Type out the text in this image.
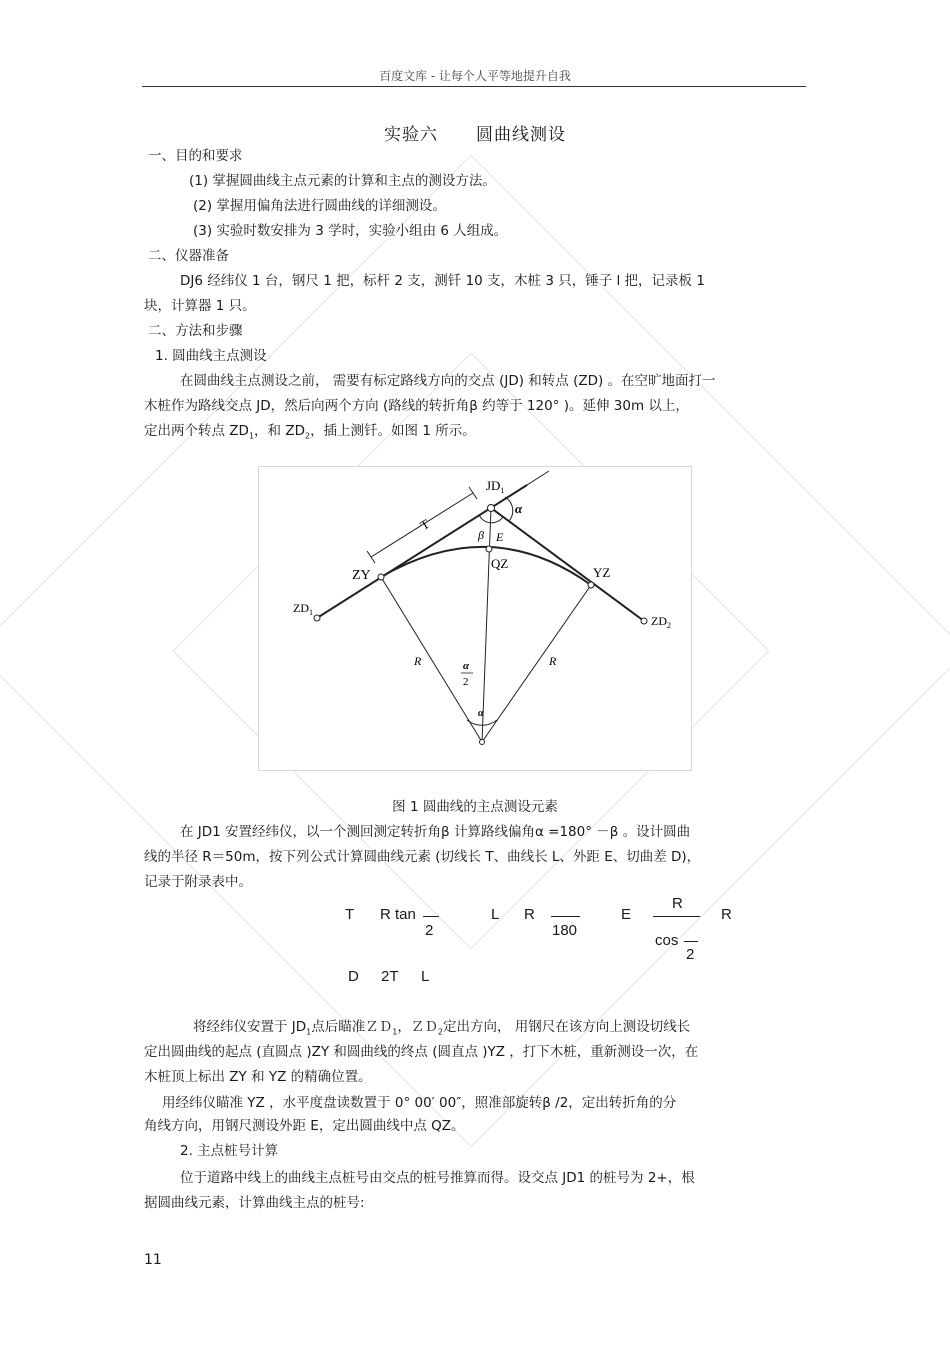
百度文库 - 让每个人平等地提升自我
实验六 圆曲线测设
一、目的和要求
(1) 掌握圆曲线主点元素的计算和主点的测设方法。
(2) 掌握用偏角法进行圆曲线的详细测设。
(3) 实验时数安排为 3 学时，实验小组由 6 人组成。
二、仪器准备
DJ6 经纬仪 1 台，钢尺 1 把，标杆 2 支，测钎 10 支，木桩 3 只，锤子 l 把，记录板 1
块，计算器 1 只。
二、方法和步骤
1. 圆曲线主点测设
在圆曲线主点测设之前， 需要有标定路线方向的交点 (JD) 和转点 (ZD) 。在空旷地面打一
木桩作为路线交点 JD，然后向两个方向 (路线的转折角β 约等于 120° )。延伸 30m 以上，
定出两个转点 $ZD_1$，和 $ZD_2$，插上测钎。如图 1 所示。
$JD_1$
α
β E
T
ZY
QZ
YZ
$ZD_1$
$ZD_2$
R	R
α
2
α
图 1 圆曲线的主点测设元素
在 JD1 安置经纬仪，以一个测回测定转折角β 计算路线偏角α =180° －β 。设计圆曲
线的半径 R＝50m，按下列公式计算圆曲线元素 (切线长 T、曲线长 L、外距 E、切曲差 D)，
记录于附录表中。
T R tan
2
L R
180
E
R
cos
2
R
D 2T L
将经纬仪安置于 $JD_1$点后瞄准ＺＤ$_1$，ＺＤ$_2$定出方向， 用钢尺在该方向上测设切线长
定出圆曲线的起点 (直圆点 )ZY 和圆曲线的终点 (圆直点 )YZ ，打下木桩，重新测设一次，在
木桩顶上标出 ZY 和 YZ 的精确位置。
用经纬仪瞄准 YZ ，水平度盘读数置于 0° 00′ 00″，照准部旋转β /2，定出转折角的分
角线方向，用钢尺测设外距 E，定出圆曲线中点 QZ。
2. 主点桩号计算
位于道路中线上的曲线主点桩号由交点的桩号推算而得。设交点 JD1 的桩号为 2+，根
据圆曲线元素，计算曲线主点的桩号:
11
